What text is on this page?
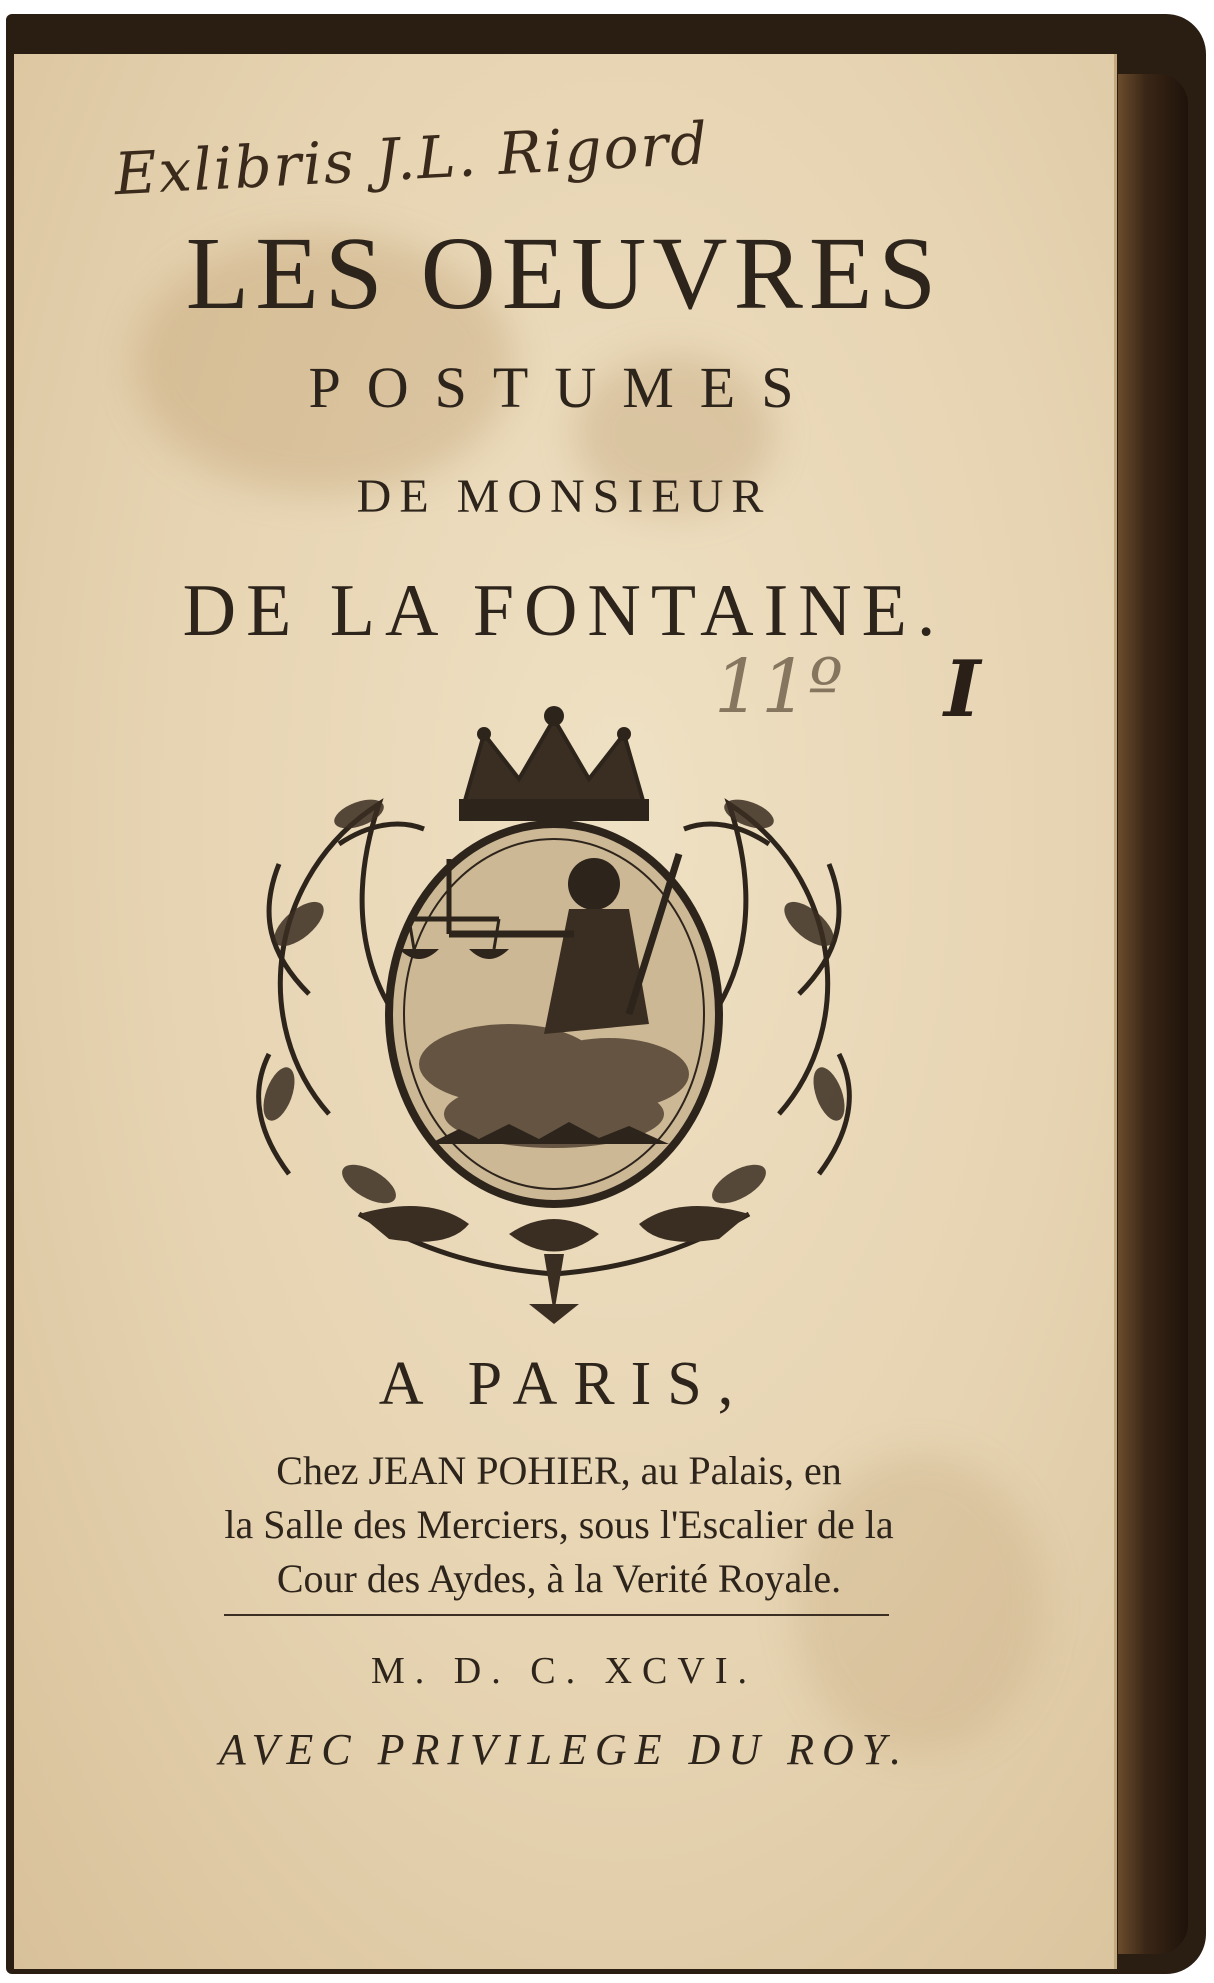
Exlibris J.L. Rigord

LES OEUVRES

POSTUMES

DE MONSIEUR

DE LA FONTAINE.

11º I

A PARIS,

Chez JEAN POHIER, au Palais, en
la Salle des Merciers, sous l'Escalier de la
Cour des Aydes, à la Verité Royale.

M. D. C. XCVI.

AVEC PRIVILEGE DU ROY.
